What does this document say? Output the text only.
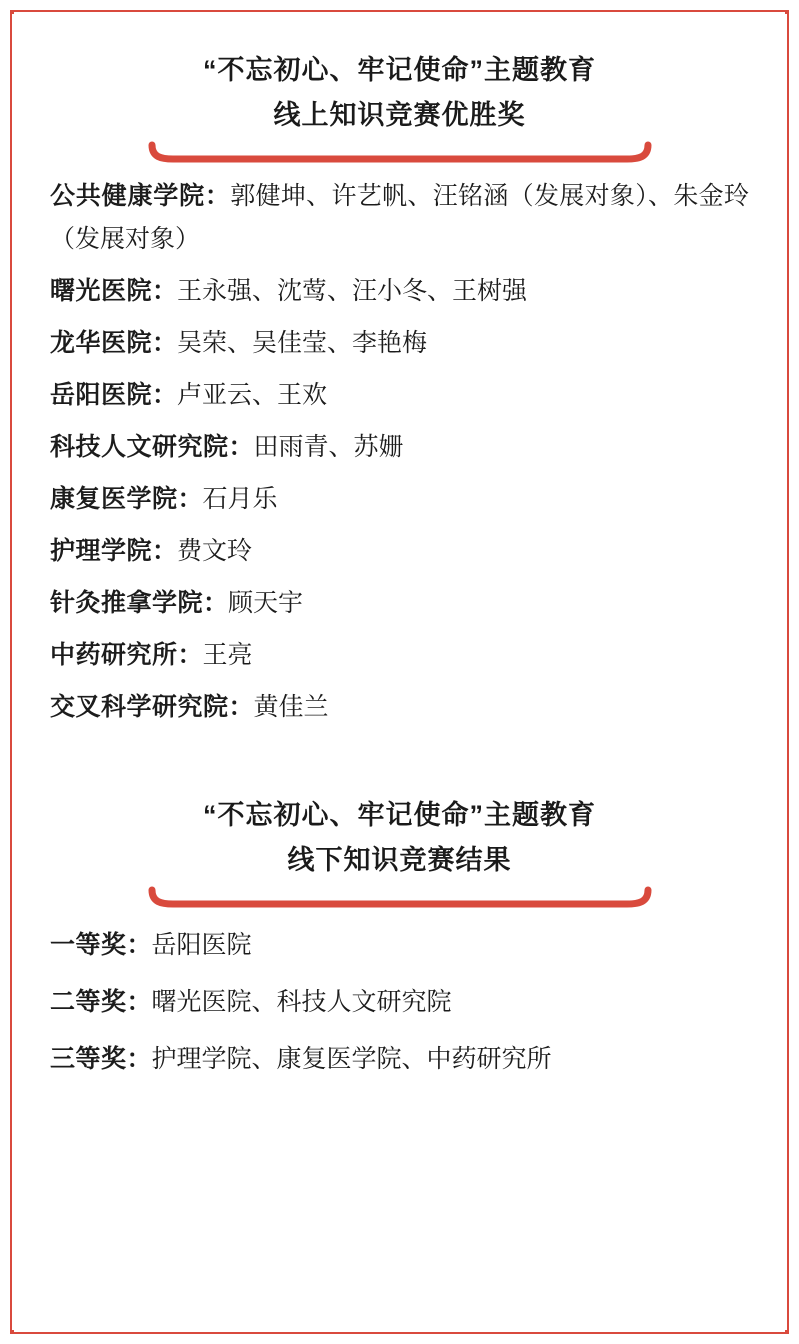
“不忘初心、牢记使命”主题教育
线上知识竞赛优胜奖

公共健康学院：郭健坤、许艺帆、汪铭涵（发展对象）、朱金玲（发展对象）

曙光医院：王永强、沈莺、汪小冬、王树强

龙华医院：吴荣、吴佳莹、李艳梅

岳阳医院：卢亚云、王欢

科技人文研究院：田雨青、苏姗

康复医学院：石月乐

护理学院：费文玲

针灸推拿学院：顾天宇

中药研究所：王亮

交叉科学研究院：黄佳兰

“不忘初心、牢记使命”主题教育
线下知识竞赛结果

一等奖：岳阳医院

二等奖：曙光医院、科技人文研究院

三等奖：护理学院、康复医学院、中药研究所
